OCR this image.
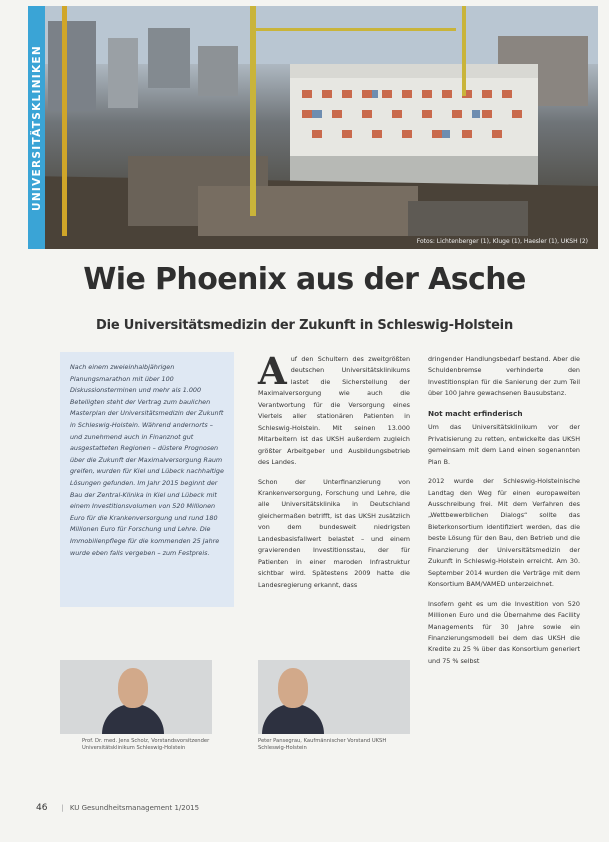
Fotos: Lichtenberger (1), Kluge (1), Haesler (1), UKSH (2)
UNIVERSITÄTSKLINIKEN
Wie Phoenix aus der Asche
Die Universitätsmedizin der Zukunft in Schleswig-Holstein
Nach einem zweieinhalbjährigen Planungsmarathon mit über 100 Diskussionsterminen und mehr als 1.000 Beteiligten steht der Vertrag zum baulichen Masterplan der Universitätsmedizin der Zukunft in Schleswig-Holstein. Während andernorts – und zunehmend auch in Finanznot gut ausgestatteten Regionen – düstere Prognosen über die Zukunft der Maximalversorgung Raum greifen, wurden für Kiel und Lübeck nachhaltige Lösungen gefunden. Im Jahr 2015 beginnt der Bau der Zentral-Klinika in Kiel und Lübeck mit einem Investitionsvolumen von 520 Millionen Euro für die Krankenversorgung und rund 180 Millionen Euro für Forschung und Lehre. Die Immobilienpflege für die kommenden 25 Jahre wurde eben falls vergeben – zum Festpreis.

Auf den Schultern des zweitgrößten deutschen Universitätsklinikums lastet die Sicherstellung der Maximalversorgung wie auch die Verantwortung für die Versorgung eines Viertels aller stationären Patienten in Schleswig-Holstein. Mit seinen 13.000 Mitarbeitern ist das UKSH außerdem zugleich größter Arbeitgeber und Ausbildungsbetrieb des Landes.

Schon der Unterfinanzierung von Krankenversorgung, Forschung und Lehre, die alle Universitätsklinika in Deutschland gleichermaßen betrifft, ist das UKSH zusätzlich von dem bundesweit niedrigsten Landesbasisfallwert belastet – und einem gravierenden Investitionsstau, der für Patienten in einer maroden Infrastruktur sichtbar wird. Spätestens 2009 hatte die Landesregierung erkannt, dass

dringender Handlungsbedarf bestand. Aber die Schuldenbremse verhinderte den Investitionsplan für die Sanierung der zum Teil über 100 Jahre gewachsenen Bausubstanz.

Not macht erfinderisch

Um das Universitätsklinikum vor der Privatisierung zu retten, entwickelte das UKSH gemeinsam mit dem Land einen sogenannten Plan B.

2012 wurde der Schleswig-Holsteinische Landtag den Weg für einen europaweiten Ausschreibung frei. Mit dem Verfahren des „Wettbewerblichen Dialogs“ sollte das Bieterkonsortium identifiziert werden, das die beste Lösung für den Bau, den Betrieb und die Finanzierung der Universitätsmedizin der Zukunft in Schleswig-Holstein erreicht. Am 30. September 2014 wurden die Verträge mit dem Konsortium BAM/VAMED unterzeichnet.

Insofern geht es um die Investition von 520 Millionen Euro und die Übernahme des Facility Managements für 30 Jahre sowie ein Finanzierungsmodell bei dem das UKSH die Kredite zu 25 % über das Konsortium generiert und 75 % selbst

Prof. Dr. med. Jens Scholz, Vorstandsvorsitzender Universitätsklinikum Schleswig-Holstein
Peter Pansegrau, Kaufmännischer Vorstand UKSH Schleswig-Holstein
46 | KU Gesundheitsmanagement 1/2015
